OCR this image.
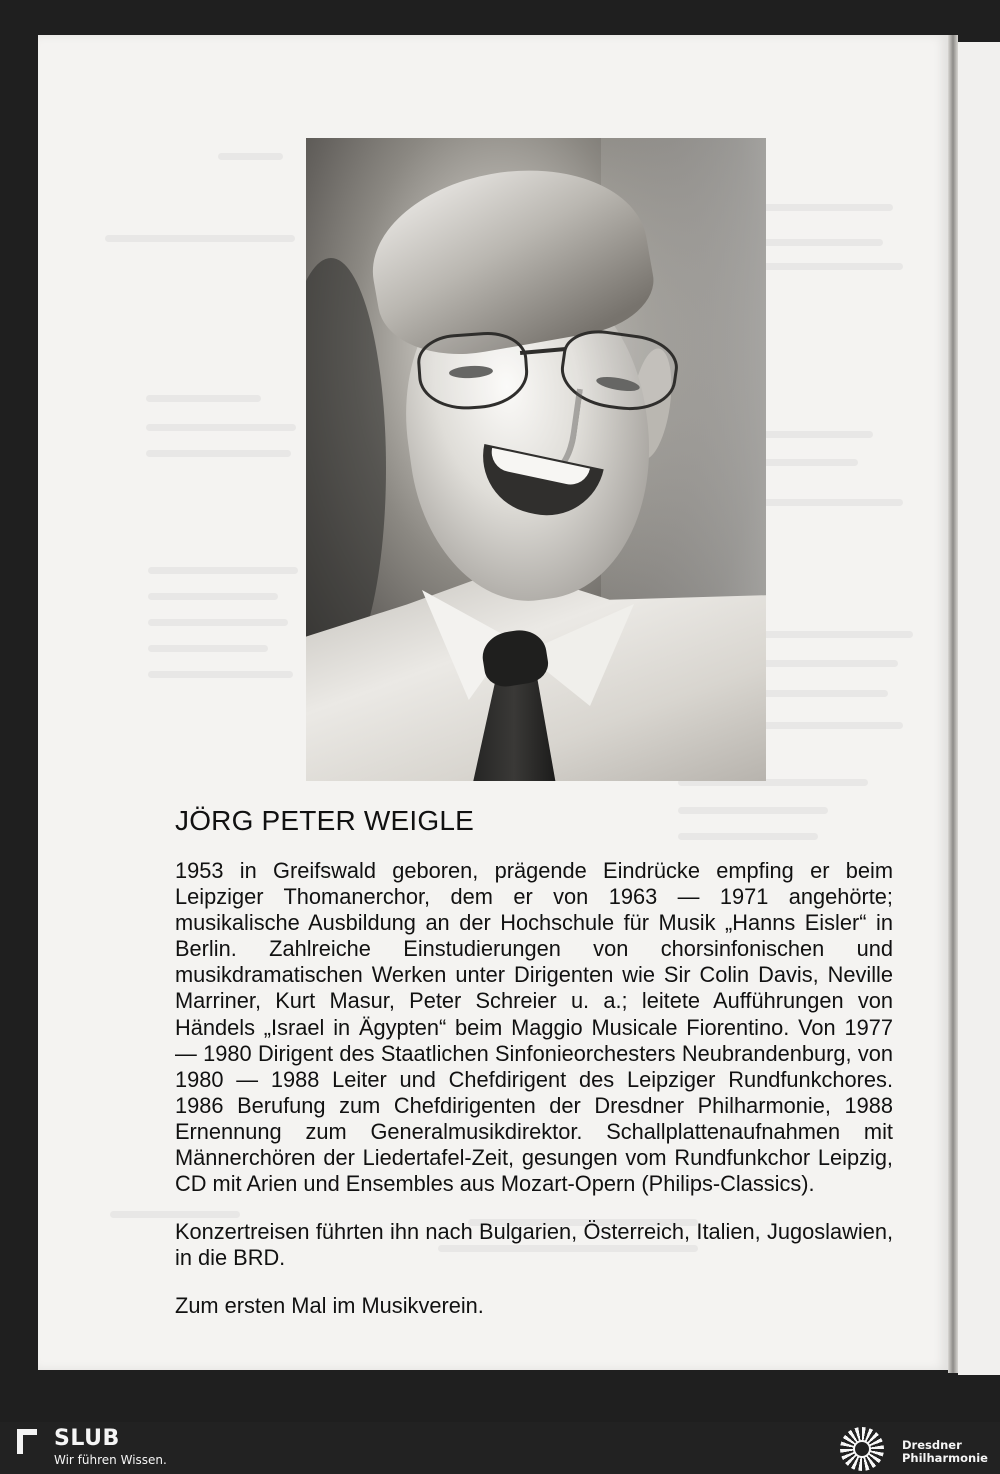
JÖRG PETER WEIGLE

1953 in Greifswald geboren, prägende Eindrücke empfing er beim Leipziger Thomanerchor, dem er von 1963 — 1971 angehörte; musikalische Ausbildung an der Hochschule für Musik „Hanns Eisler“ in Berlin. Zahlreiche Einstudierungen von chorsinfonischen und musikdramatischen Werken unter Dirigenten wie Sir Colin Davis, Neville Marriner, Kurt Masur, Peter Schreier u. a.; leitete Aufführungen von Händels „Israel in Ägypten“ beim Maggio Musicale Fiorentino. Von 1977 — 1980 Dirigent des Staatlichen Sinfonieorchesters Neubrandenburg, von 1980 — 1988 Leiter und Chefdirigent des Leipziger Rundfunkchores. 1986 Berufung zum Chefdirigenten der Dresdner Philharmonie, 1988 Ernennung zum Generalmusikdirektor. Schallplattenaufnahmen mit Männerchören der Liedertafel-Zeit, gesungen vom Rundfunkchor Leipzig, CD mit Arien und Ensembles aus Mozart-Opern (Philips-Classics).

Konzertreisen führten ihn nach Bulgarien, Österreich, Italien, Jugoslawien, in die BRD.

Zum ersten Mal im Musikverein.

SLUB
Wir führen Wissen.
Dresdner
Philharmonie
